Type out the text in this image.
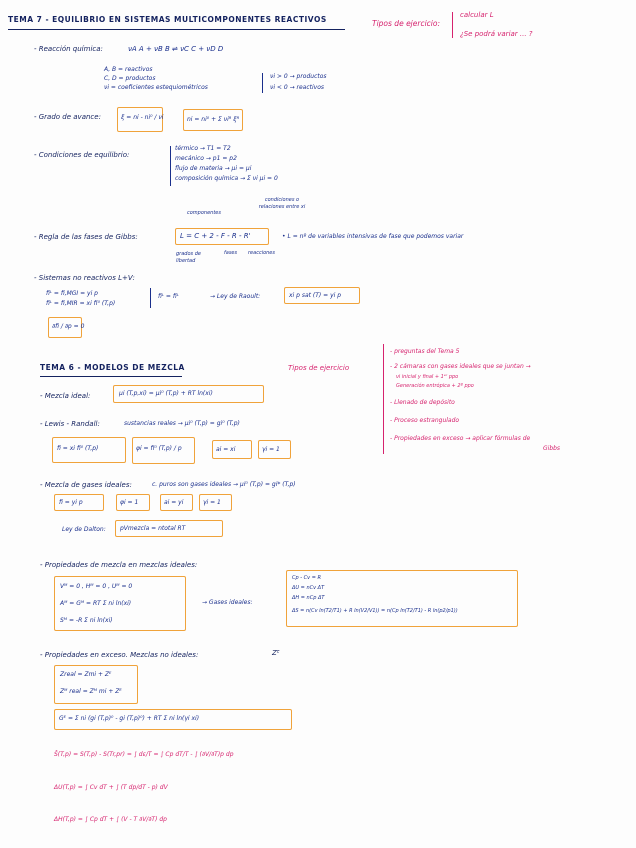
TEMA 7 - EQUILIBRIO EN SISTEMAS MULTICOMPONENTES REACTIVOS	Tipos de ejercicio:
calcular L
¿Se podrá variar ... ?
- Reacción química:	νA A + νB B ⇌ νC C + νD D
A, B = reactivos
C, D = productos
νi = coeficientes estequiométricos
νi > 0 → productos
νi < 0 → reactivos
- Grado de avance:	ξ = ni - ni⁰ / νi	ni = ni⁰ + Σ νiᴿ ξᴿ
- Condiciones de equilibrio:
térmico → T1 = T2
mecánico → p1 = p2
flujo de materia → μi = μi
composición química → Σ νi μi = 0
componentes
condiciones o relaciones entre xi
- Regla de las fases de Gibbs:	L = C + 2 - F - R - R'	• L = nº de variables intensivas de fase que podemos variar
grados de libertad
fases reacciones
- Sistemas no reactivos L+V:
fiᴸ = fi,MGI = yi p
fiᴸ = fi,MIR = xi fi⁰ (T,p)
fiᴸ = fiᴸ	→ Ley de Raoult:	xi p sat (T) = yi p
∂fi / ∂p = 0
TEMA 6 - MODELOS DE MEZCLA	Tipos de ejercicio
- preguntas del Tema 5
- 2 cámaras con gases ideales que se juntan →
νi inicial y final + 1ᵉʳ ppo
Generación entrópica + 2º ppo
- Llenado de depósito
- Proceso estrangulado
- Propiedades en exceso → aplicar fórmulas de
Gibbs
- Mezcla ideal:	μi (T,p,xi) = μi⁰ (T,p) + RT ln(xi)
- Lewis - Randall:	sustancias reales → μi⁰ (T,p) = gi⁰ (T,p)
fi = xi fi⁰ (T,p)	φi = fi⁰ (T,p) / p	ai = xi	γi = 1
- Mezcla de gases ideales:	c. puros son gases ideales → μi⁰ (T,p) = gi* (T,p)
fi = yi p	φi = 1	ai = yi	γi = 1
Ley de Dalton: pVmezcla = ntotal RT
- Propiedades de mezcla en mezclas ideales:
Vᴹ = 0 , Hᴹ = 0 , Uᴹ = 0
Aᴹ = Gᴹ = RT Σ ni ln(xi)
Sᴹ = -R Σ ni ln(xi)
→ Gases ideales:
Cp - Cv = R
ΔU = nCv ΔT
ΔH = nCp ΔT
ΔS = n(Cv ln(T2/T1) + R ln(V2/V1)) = n(Cp ln(T2/T1) - R ln(p2/p1))
- Propiedades en exceso. Mezclas no ideales:	Zᴱ
Zreal = Zmi + Zᴱ
Zᴹ real = Zᴹ mi + Zᴱ
Gᴱ = Σ ni (gi (T,p)⁰ - gi (T,p)⁰) + RT Σ ni ln(γi xi)
Ŝ(T,p) = S(T,p) - S(Tr,pr) = ∫ dε/T = ∫ Cp dT/T - ∫ (∂V/∂T)p dp
ΔU(T,p) = ∫ Cv dT + ∫ (T dp/dT - p) dV
ΔH(T,p) = ∫ Cp dT + ∫ (V - T ∂V/∂T) dp
